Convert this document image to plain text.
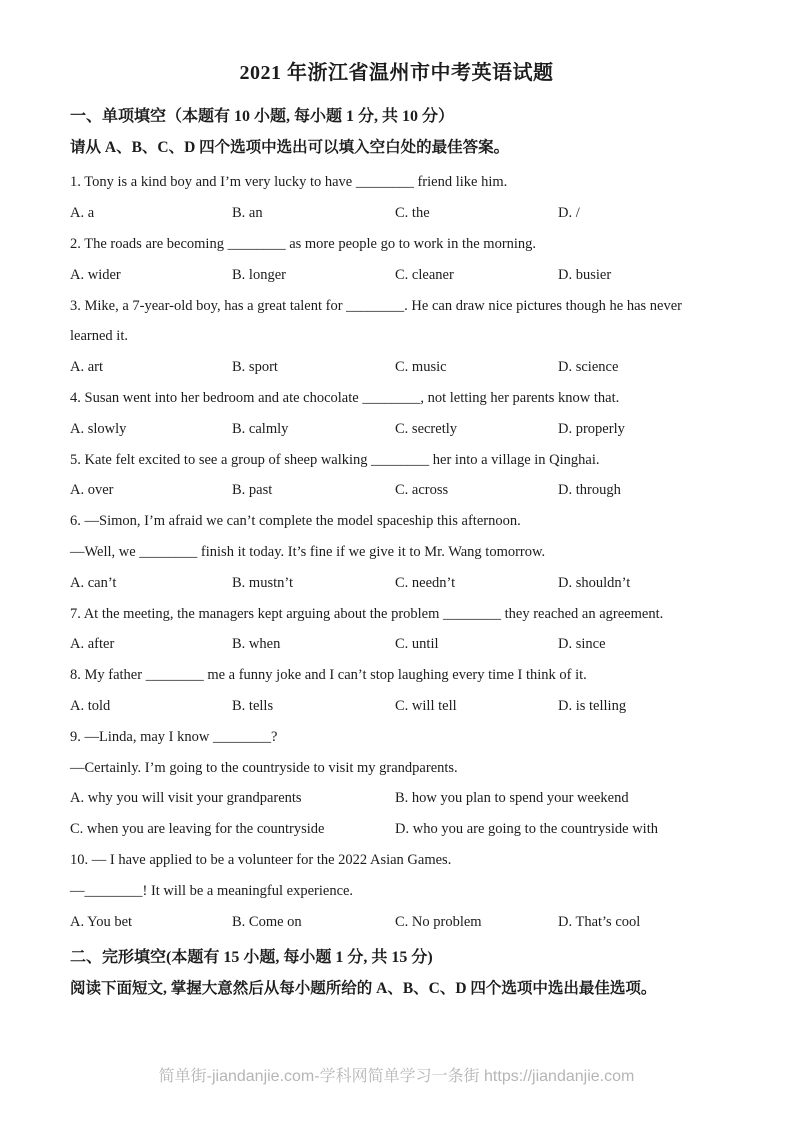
2021 年浙江省温州市中考英语试题

一、单项填空（本题有 10 小题, 每小题 1 分, 共 10 分）

请从 A、B、C、D 四个选项中选出可以填入空白处的最佳答案。

1. Tony is a kind boy and I’m very lucky to have ________ friend like him.

A. a	B. an	C. the	D. /

2. The roads are becoming ________ as more people go to work in the morning.

A. wider	B. longer	C. cleaner	D. busier

3. Mike, a 7-year-old boy, has a great talent for ________. He can draw nice pictures though he has never learned it.

A. art	B. sport	C. music	D. science

4. Susan went into her bedroom and ate chocolate ________, not letting her parents know that.

A. slowly	B. calmly	C. secretly	D. properly

5. Kate felt excited to see a group of sheep walking ________ her into a village in Qinghai.

A. over	B. past	C. across	D. through

6. —Simon, I’m afraid we can’t complete the model spaceship this afternoon.

—Well, we ________ finish it today. It’s fine if we give it to Mr. Wang tomorrow.

A. can’t	B. mustn’t	C. needn’t	D. shouldn’t

7. At the meeting, the managers kept arguing about the problem ________ they reached an agreement.

A. after	B. when	C. until	D. since

8. My father ________ me a funny joke and I can’t stop laughing every time I think of it.

A. told	B. tells	C. will tell	D. is telling

9. —Linda, may I know ________?

—Certainly. I’m going to the countryside to visit my grandparents.

A. why you will visit your grandparents	B. how you plan to spend your weekend

C. when you are leaving for the countryside	D. who you are going to the countryside with

10. — I have applied to be a volunteer for the 2022 Asian Games.

—________! It will be a meaningful experience.

A. You bet	B. Come on	C. No problem	D. That’s cool

二、完形填空(本题有 15 小题, 每小题 1 分, 共 15 分)

阅读下面短文, 掌握大意然后从每小题所给的 A、B、C、D 四个选项中选出最佳选项。

简单街-jiandanjie.com-学科网简单学习一条街 https://jiandanjie.com
